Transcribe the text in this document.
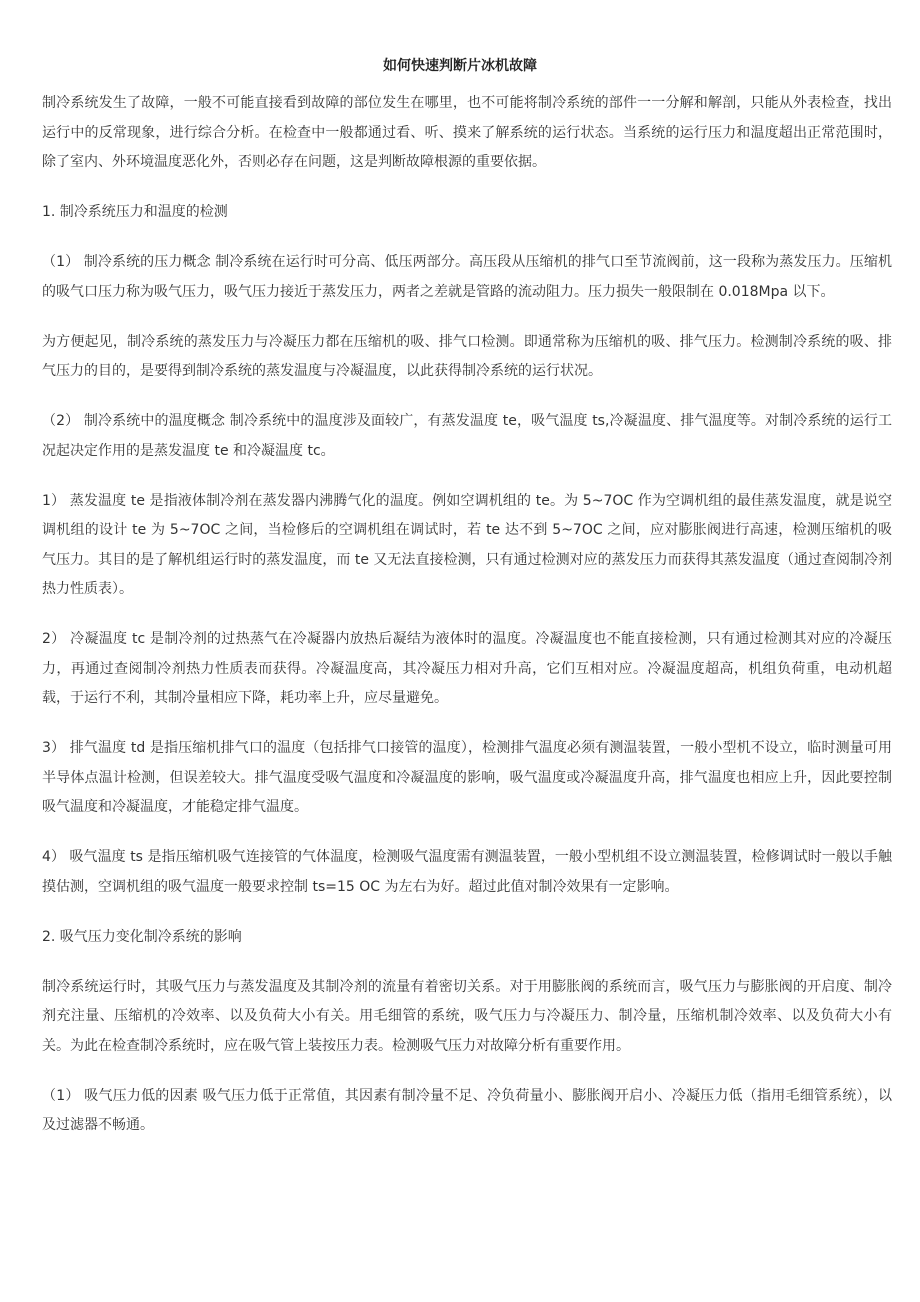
如何快速判断片冰机故障

制冷系统发生了故障，一般不可能直接看到故障的部位发生在哪里，也不可能将制冷系统的部件一一分解和解剖，只能从外表检查，找出运行中的反常现象，进行综合分析。在检查中一般都通过看、听、摸来了解系统的运行状态。当系统的运行压力和温度超出正常范围时，除了室内、外环境温度恶化外，否则必存在问题，这是判断故障根源的重要依据。

1. 制冷系统压力和温度的检测

（1） 制冷系统的压力概念 制冷系统在运行时可分高、低压两部分。高压段从压缩机的排气口至节流阀前，这一段称为蒸发压力。压缩机的吸气口压力称为吸气压力，吸气压力接近于蒸发压力，两者之差就是管路的流动阻力。压力损失一般限制在 0.018Mpa 以下。

为方便起见，制冷系统的蒸发压力与冷凝压力都在压缩机的吸、排气口检测。即通常称为压缩机的吸、排气压力。检测制冷系统的吸、排气压力的目的，是要得到制冷系统的蒸发温度与冷凝温度，以此获得制冷系统的运行状况。

（2） 制冷系统中的温度概念 制冷系统中的温度涉及面较广，有蒸发温度 te，吸气温度 ts,冷凝温度、排气温度等。对制冷系统的运行工况起决定作用的是蒸发温度 te 和冷凝温度 tc。

1） 蒸发温度 te 是指液体制冷剂在蒸发器内沸腾气化的温度。例如空调机组的 te。为 5~7OC 作为空调机组的最佳蒸发温度，就是说空调机组的设计 te 为 5~7OC 之间，当检修后的空调机组在调试时，若 te 达不到 5~7OC 之间，应对膨胀阀进行高速，检测压缩机的吸气压力。其目的是了解机组运行时的蒸发温度，而 te 又无法直接检测，只有通过检测对应的蒸发压力而获得其蒸发温度（通过查阅制冷剂热力性质表）。

2） 冷凝温度 tc 是制冷剂的过热蒸气在冷凝器内放热后凝结为液体时的温度。冷凝温度也不能直接检测，只有通过检测其对应的冷凝压力，再通过查阅制冷剂热力性质表而获得。冷凝温度高，其冷凝压力相对升高，它们互相对应。冷凝温度超高，机组负荷重，电动机超载，于运行不利，其制冷量相应下降，耗功率上升，应尽量避免。

3） 排气温度 td 是指压缩机排气口的温度（包括排气口接管的温度），检测排气温度必须有测温装置，一般小型机不设立，临时测量可用半导体点温计检测，但误差较大。排气温度受吸气温度和冷凝温度的影响，吸气温度或冷凝温度升高，排气温度也相应上升，因此要控制吸气温度和冷凝温度，才能稳定排气温度。

4） 吸气温度 ts 是指压缩机吸气连接管的气体温度，检测吸气温度需有测温装置，一般小型机组不设立测温装置，检修调试时一般以手触摸估测，空调机组的吸气温度一般要求控制 ts=15 OC 为左右为好。超过此值对制冷效果有一定影响。

2. 吸气压力变化制冷系统的影响

制冷系统运行时，其吸气压力与蒸发温度及其制冷剂的流量有着密切关系。对于用膨胀阀的系统而言，吸气压力与膨胀阀的开启度、制冷剂充注量、压缩机的冷效率、以及负荷大小有关。用毛细管的系统，吸气压力与冷凝压力、制冷量，压缩机制冷效率、以及负荷大小有关。为此在检查制冷系统时，应在吸气管上装按压力表。检测吸气压力对故障分析有重要作用。

（1） 吸气压力低的因素 吸气压力低于正常值，其因素有制冷量不足、冷负荷量小、膨胀阀开启小、冷凝压力低（指用毛细管系统），以及过滤器不畅通。
